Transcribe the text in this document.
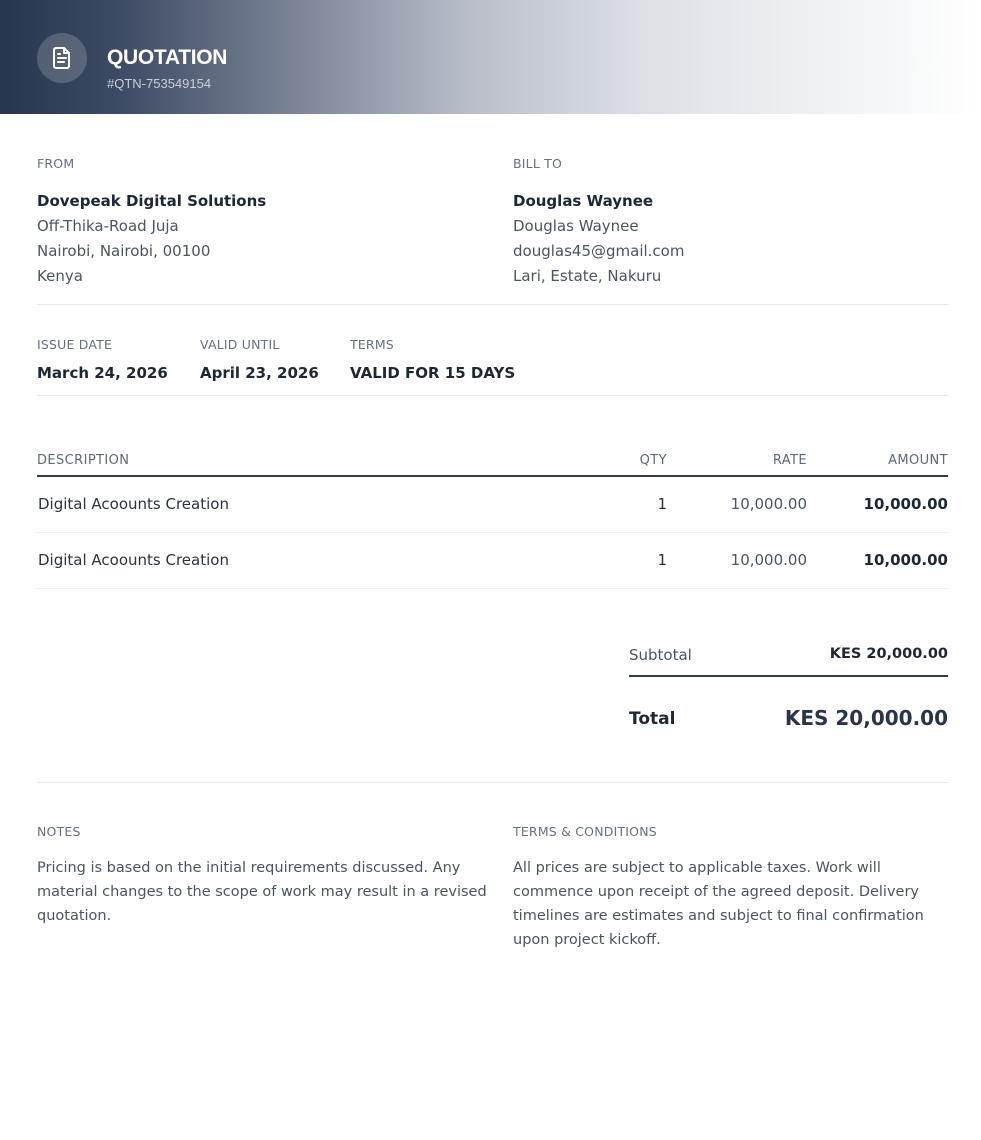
QUOTATION
#QTN-753549154
Mar
FROM
Dovepeak Digital Solutions
Off-Thika-Road Juja
Nairobi, Nairobi, 00100
Kenya
BILL TO
Douglas Waynee
Douglas Waynee
douglas45@gmail.com
Lari, Estate, Nakuru
ISSUE DATE
March 24, 2026
VALID UNTIL
April 23, 2026
TERMS
VALID FOR 15 DAYS
DESCRIPTION	QTY	RATE	AMOUNT
Digital Acoounts Creation	1	10,000.00	10,000.00
Digital Acoounts Creation	1	10,000.00	10,000.00
Subtotal	KES 20,000.00
Total	KES 20,000.00
NOTES
Pricing is based on the initial requirements discussed. Any material changes to the scope of work may result in a revised quotation.
TERMS & CONDITIONS
All prices are subject to applicable taxes. Work will commence upon receipt of the agreed deposit. Delivery timelines are estimates and subject to final confirmation upon project kickoff.
